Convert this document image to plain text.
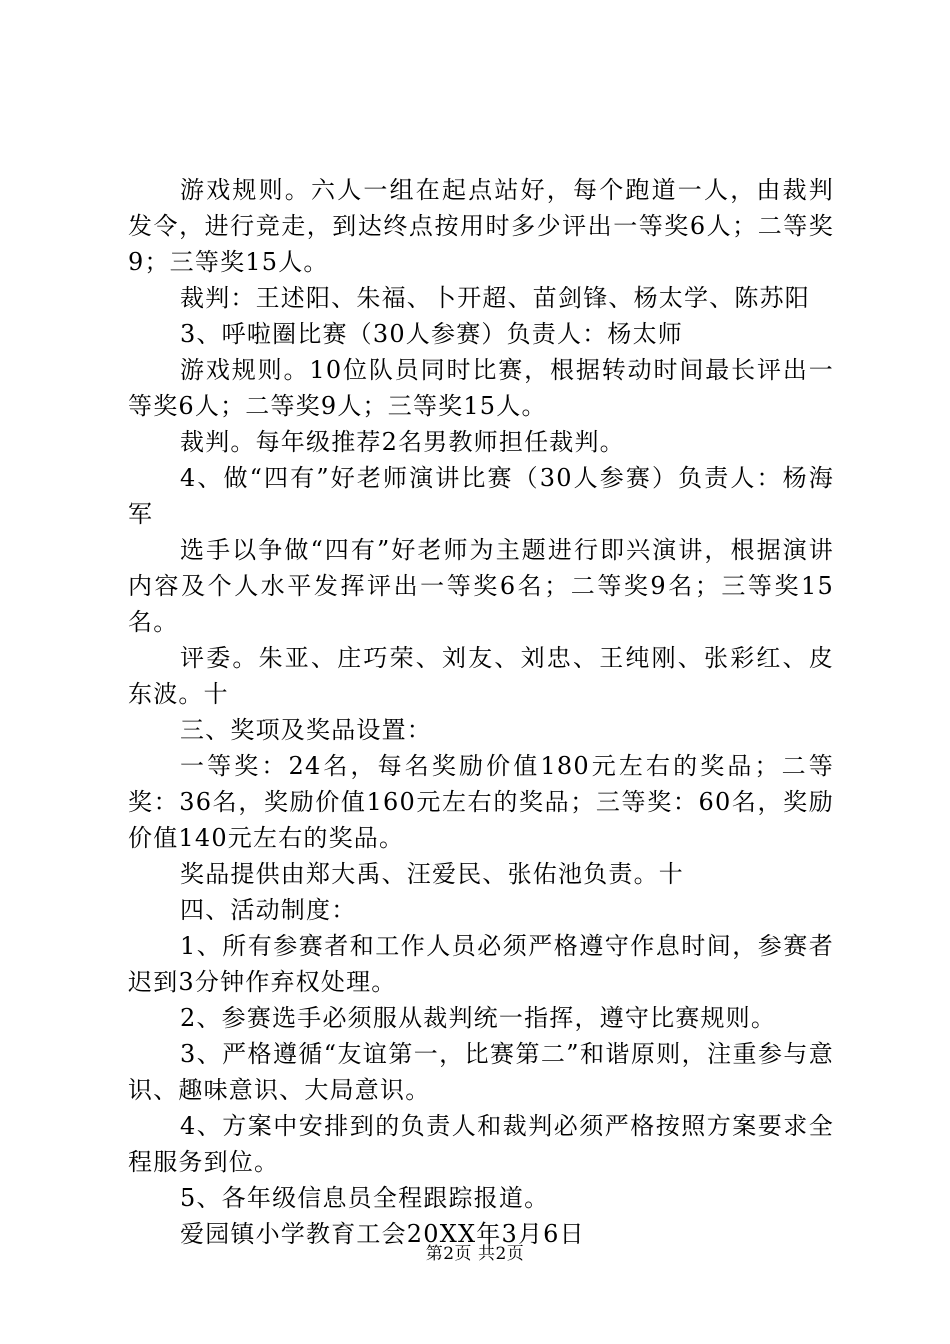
游戏规则。六人一组在起点站好，每个跑道一人，由裁判发令，进行竞走，到达终点按用时多少评出一等奖6人；二等奖9；三等奖15人。

裁判：王述阳、朱福、卜开超、苗剑锋、杨太学、陈苏阳

3、呼啦圈比赛（30人参赛）负责人：杨太师

游戏规则。10位队员同时比赛，根据转动时间最长评出一等奖6人；二等奖9人；三等奖15人。

裁判。每年级推荐2名男教师担任裁判。

4、做“四有”好老师演讲比赛（30人参赛）负责人：杨海军

选手以争做“四有”好老师为主题进行即兴演讲，根据演讲内容及个人水平发挥评出一等奖6名；二等奖9名；三等奖15名。

评委。朱亚、庄巧荣、刘友、刘忠、王纯刚、张彩红、皮东波。十

三、奖项及奖品设置：

一等奖：24名，每名奖励价值180元左右的奖品；二等奖：36名，奖励价值160元左右的奖品；三等奖：60名，奖励价值140元左右的奖品。

奖品提供由郑大禹、汪爱民、张佑池负责。十

四、活动制度：

1、所有参赛者和工作人员必须严格遵守作息时间，参赛者迟到3分钟作弃权处理。

2、参赛选手必须服从裁判统一指挥，遵守比赛规则。

3、严格遵循“友谊第一，比赛第二”和谐原则，注重参与意识、趣味意识、大局意识。

4、方案中安排到的负责人和裁判必须严格按照方案要求全程服务到位。

5、各年级信息员全程跟踪报道。

爱园镇小学教育工会20XX年3月6日

第2页 共2页
